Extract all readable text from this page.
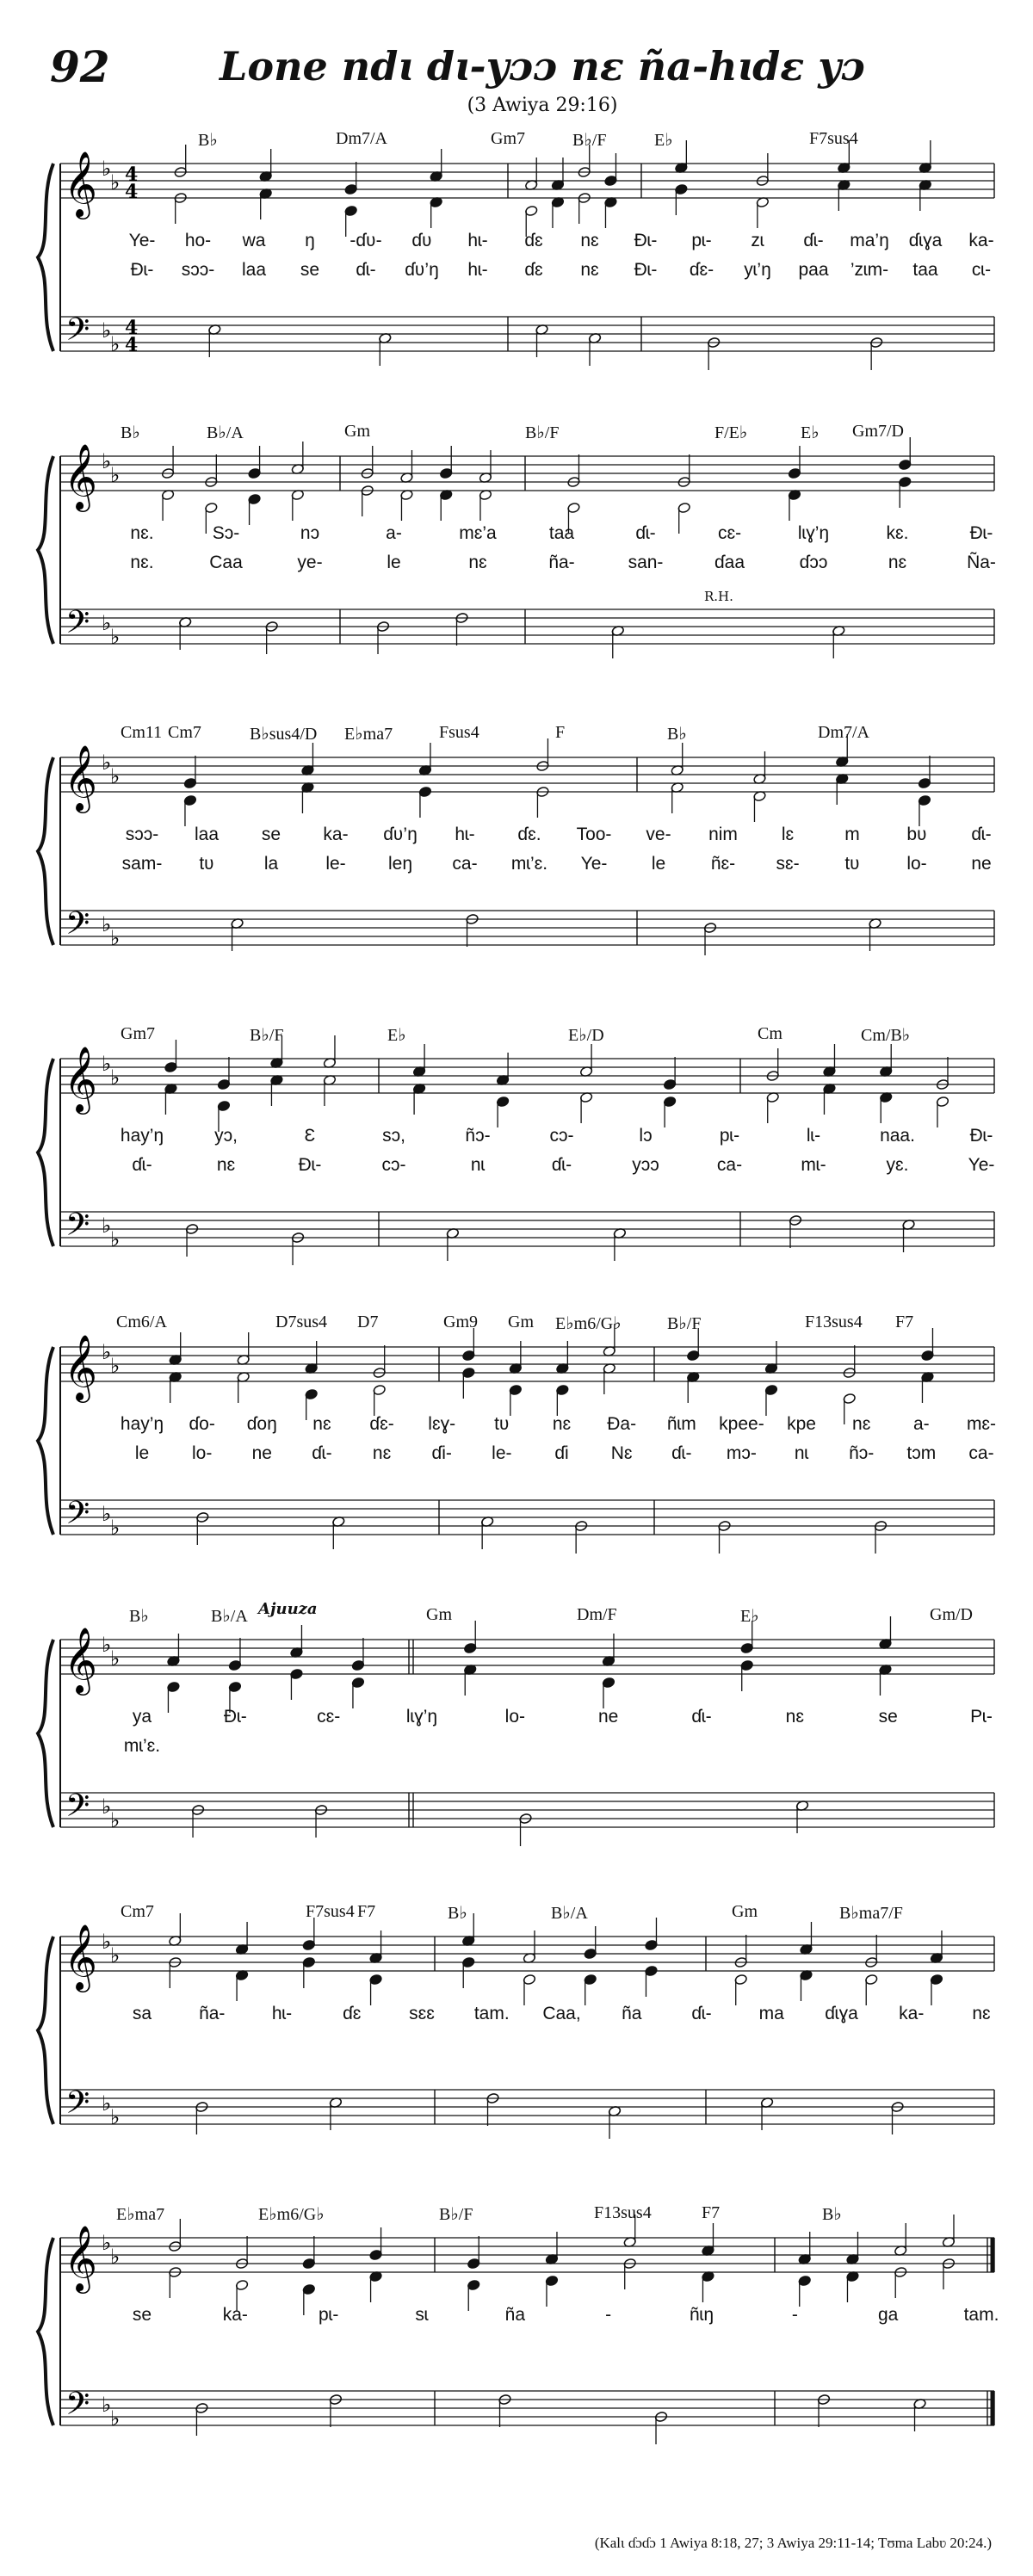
92	Lone ndɩ dɩ-yɔɔ nɛ ña-hɩdɛ yɔ
(3 Awiya 29:16)
𝄞
𝄢
♭
♭
♭
♭
4
4
4
4
B♭	Dm7/A	Gm7	B♭/F	E♭	F7sus4
Ye- ho- wa ŋ -ɗʋ- ɗʋ hɩ- ɗɛ nɛ Đɩ- pɩ- zɩ ɗɩ- ma’ŋ ɗɩɣa ka-
Đɩ- sɔɔ- laa se ɗɩ- ɗʋ’ŋ hɩ- ɗɛ nɛ Đɩ- ɗɛ- yɩ’ŋ paa ’zɩm- taa cɩ-
𝄞
𝄢
♭
♭
♭
♭
B♭	B♭/A	Gm	B♭/F	F/E♭	E♭ Gm7/D
R.H.
nɛ.	Sɔ-	nɔ	a-	mɛ’a	taa	ɗɩ-	cɛ-	lɩɣ’ŋ	kɛ.	Đɩ-
nɛ.	Caa	ye-	le	nɛ	ña-	san-	ɗaa	ɗɔɔ	nɛ	Ña-
𝄞
𝄢
♭
♭
♭
♭
Cm11 Cm7	B♭sus4/D E♭ma7	Fsus4	F	B♭	Dm7/A
sɔɔ- laa se ka- ɗʋ’ŋ hɩ- ɗɛ. Too- ve- nim lɛ	m	bʋ ɗɩ-
sam- tʋ	la	le- leŋ ca- mɩ’ɛ. Ye- le	ñɛ- sɛ-	tʋ	lo- ne
𝄞
𝄢
♭
♭
♭
♭
Gm7	B♭/F	E♭	E♭/D	Cm	Cm/B♭
hay’ŋ	yɔ,	Ɛ	sɔ,	ñɔ-	cɔ-	lɔ	pɩ-	lɩ-	naa.	Đɩ-
ɗɩ-	nɛ	Đɩ-	cɔ-	nɩ	ɗɩ-	yɔɔ	ca-	mɩ-	yɛ.	Ye-
𝄞
𝄢
♭
♭
♭
♭
Cm6/A	D7sus4 D7	Gm9 Gm E♭m6/G♭	B♭/F	F13sus4 F7
hay’ŋ ɗo- ɗoŋ nɛ ɗɛ- lɛɣ- tʋ nɛ Đa- ñɩm kpee- kpe nɛ a- mɛ-
le lo- ne ɗɩ- nɛ ɗi- le- ɗi Nɛ ɗɩ- mɔ- nɩ ñɔ- tɔm ca-
𝄞
𝄢
♭
♭
♭
♭
B♭	B♭/A	Gm	Dm/F	E♭	Gm/D
Ajuuza
ya	Đɩ-	cɛ-	lɩɣ’ŋ	lo-	ne	ɗɩ-	nɛ	se	Pɩ-
mɩ’ɛ.
𝄞
𝄢
♭
♭
♭
♭
Cm7	F7sus4 F7	B♭	B♭/A	Gm	B♭ma7/F
sa	ña-	hɩ-	ɗɛ	sɛɛ tam. Caa, ña	ɗɩ-	ma ɗɩɣa ka-	nɛ
𝄞
𝄢
♭
♭
♭
♭
E♭ma7	E♭m6/G♭	B♭/F	F13sus4	F7	B♭
se	ka-	pɩ-	sɩ	ña	-	ñɩŋ	-	ga	tam.
(Kalɩ ɗɔɗɔ 1 Awiya 8:18, 27; 3 Awiya 29:11-14; Tʊma Labʋ 20:24.)
